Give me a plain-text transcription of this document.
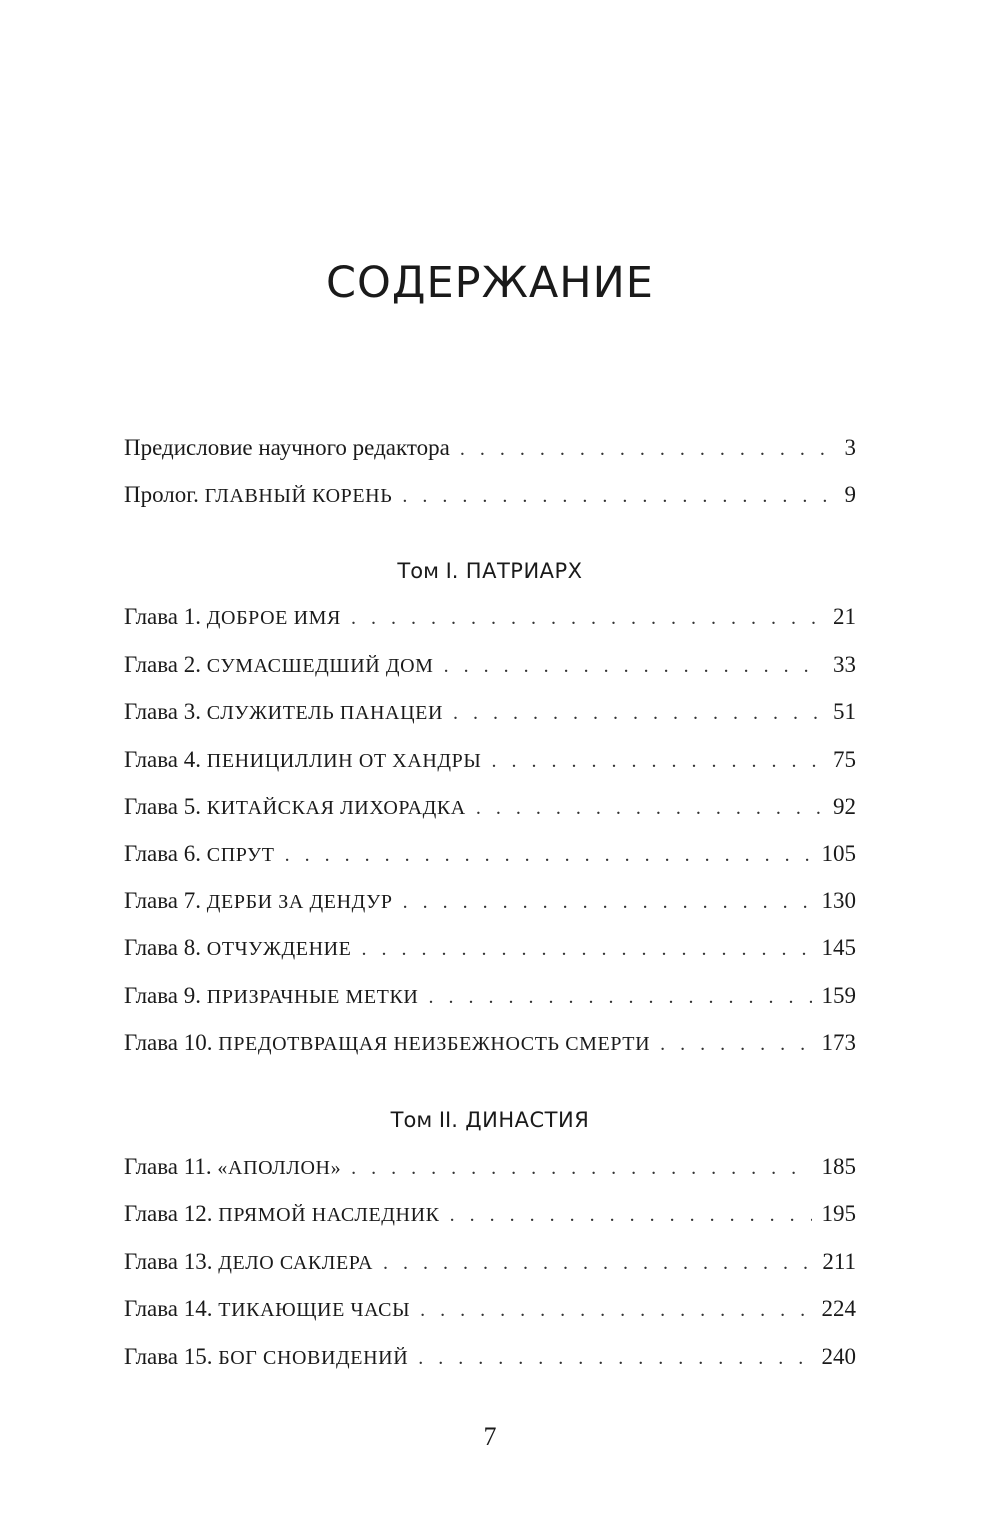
СОДЕРЖАНИЕ
Предисловие научного редактора . . .	3
Пролог. ГЛАВНЫЙ КОРЕНЬ . . .	9
Том I. ПАТРИАРХ
Глава 1. ДОБРОЕ ИМЯ . . .	21
Глава 2. СУМАСШЕДШИЙ ДОМ . . .	33
Глава 3. СЛУЖИТЕЛЬ ПАНАЦЕИ . . .	51
Глава 4. ПЕНИЦИЛЛИН ОТ ХАНДРЫ . . .	75
Глава 5. КИТАЙСКАЯ ЛИХОРАДКА . . .	92
Глава 6. СПРУТ . . .	105
Глава 7. ДЕРБИ ЗА ДЕНДУР . . .	130
Глава 8. ОТЧУЖДЕНИЕ . . .	145
Глава 9. ПРИЗРАЧНЫЕ МЕТКИ . . .	159
Глава 10. ПРЕДОТВРАЩАЯ НЕИЗБЕЖНОСТЬ СМЕРТИ . . .	173
Том II. ДИНАСТИЯ
Глава 11. «АПОЛЛОН» . . .	185
Глава 12. ПРЯМОЙ НАСЛЕДНИК . . .	195
Глава 13. ДЕЛО САКЛЕРА . . .	211
Глава 14. ТИКАЮЩИЕ ЧАСЫ . . .	224
Глава 15. БОГ СНОВИДЕНИЙ . . .	240
7
